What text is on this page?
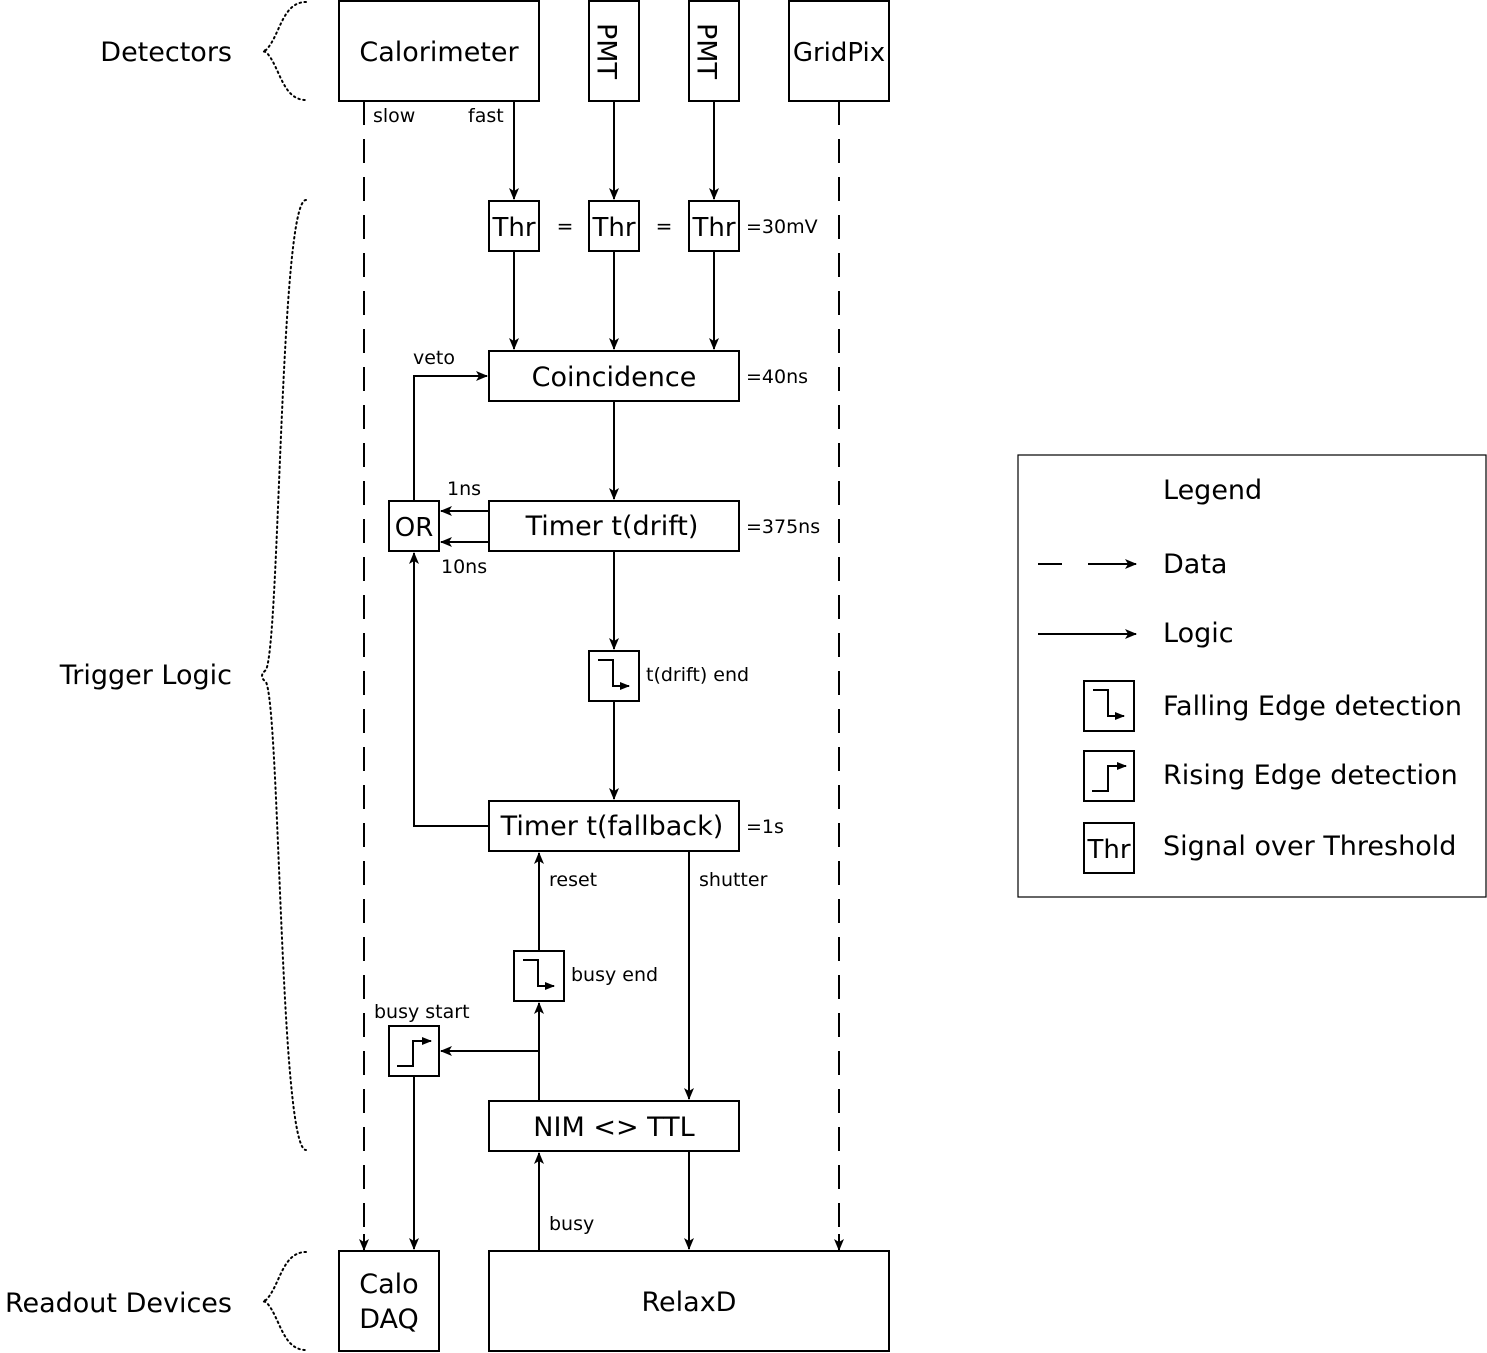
Detectors
Trigger Logic
Readout Devices
Calorimeter
slow	fast
PMT	PMT	GridPix
Thr Thr Thr
=	=	=30mV
Coincidence	=40ns
veto
OR
1ns
10ns
Timer t(drift)	=375ns
t(drift) end
Timer t(fallback) =1s
reset	shutter
busy end
busy start
NIM <> TTL
busy
Calo
DAQ
RelaxD
Legend
Data
Logic
Falling Edge detection
Rising Edge detection
Thr Signal over Threshold
